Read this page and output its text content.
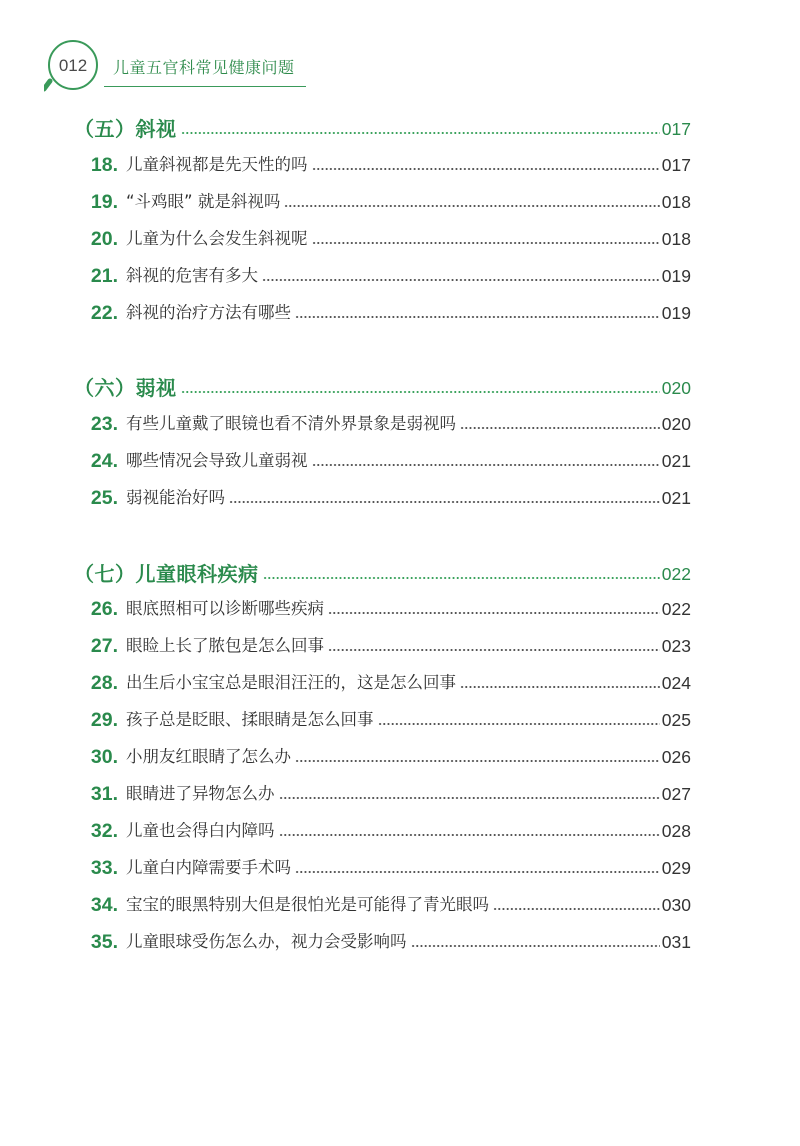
012	儿童五官科常见健康问题
（五）斜视	017
18. 儿童斜视都是先天性的吗	017
19. “斗鸡眼” 就是斜视吗	018
20. 儿童为什么会发生斜视呢	018
21. 斜视的危害有多大	019
22. 斜视的治疗方法有哪些	019
（六）弱视	020
23. 有些儿童戴了眼镜也看不清外界景象是弱视吗	020
24. 哪些情况会导致儿童弱视	021
25. 弱视能治好吗	021
（七）儿童眼科疾病	022
26. 眼底照相可以诊断哪些疾病	022
27. 眼睑上长了脓包是怎么回事	023
28. 出生后小宝宝总是眼泪汪汪的，这是怎么回事	024
29. 孩子总是眨眼、揉眼睛是怎么回事	025
30. 小朋友红眼睛了怎么办	026
31. 眼睛进了异物怎么办	027
32. 儿童也会得白内障吗	028
33. 儿童白内障需要手术吗	029
34. 宝宝的眼黑特别大但是很怕光是可能得了青光眼吗	030
35. 儿童眼球受伤怎么办，视力会受影响吗	031
